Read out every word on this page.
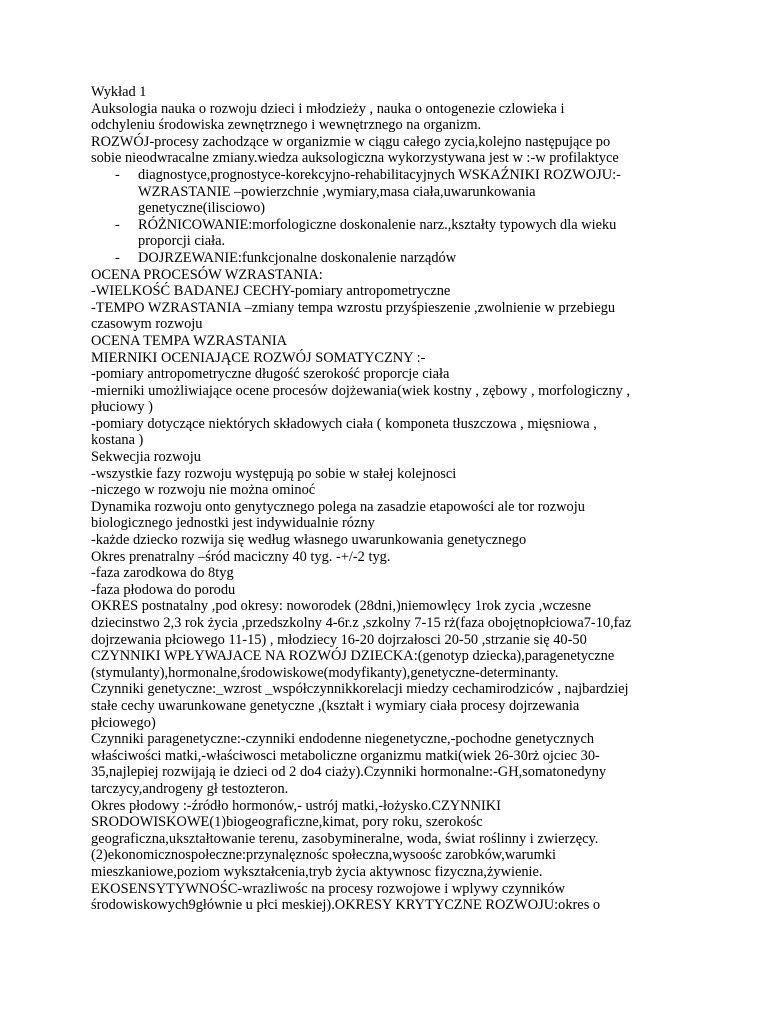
Wykład 1
Auksologia nauka o rozwoju dzieci i młodzieży , nauka o ontogenezie czlowieka i
odchyleniu środowiska zewnętrznego i wewnętrznego na organizm.
ROZWÓJ-procesy zachodzące w organizmie w ciągu całego zycia,kolejno następujące po
sobie nieodwracalne zmiany.wiedza auksologiczna wykorzystywana jest w :-w profilaktyce
- diagnostyce,prognostyce-korekcyjno-rehabilitacyjnych WSKAŹNIKI ROZWOJU:-
WZRASTANIE –powierzchnie ,wymiary,masa ciała,uwarunkowania
genetyczne(ilisciowo)
- RÓŻNICOWANIE:morfologiczne doskonalenie narz.,kształty typowych dla wieku
proporcji ciała.
- DOJRZEWANIE:funkcjonalne doskonalenie narządów
OCENA PROCESÓW WZRASTANIA:
-WIELKOŚĆ BADANEJ CECHY-pomiary antropometryczne
-TEMPO WZRASTANIA –zmiany tempa wzrostu przyśpieszenie ,zwolnienie w przebiegu
czasowym rozwoju
OCENA TEMPA WZRASTANIA
MIERNIKI OCENIAJĄCE ROZWÓJ SOMATYCZNY :-
-pomiary antropometryczne długość szerokość proporcje ciała
-mierniki umożliwiające ocene procesów dojżewania(wiek kostny , zębowy , morfologiczny ,
płuciowy )
-pomiary dotyczące niektórych składowych ciała ( komponeta tłuszczowa , mięsniowa ,
kostana )
Sekwecjia rozwoju
-wszystkie fazy rozwoju występują po sobie w stałej kolejnosci
-niczego w rozwoju nie można ominoć
Dynamika rozwoju onto genytycznego polega na zasadzie etapowości ale tor rozwoju
biologicznego jednostki jest indywidualnie rózny
-każde dziecko rozwija się według własnego uwarunkowania genetycznego
Okres prenatralny –śród maciczny 40 tyg. -+/-2 tyg.
-faza zarodkowa do 8tyg
-faza płodowa do porodu
OKRES postnatalny ,pod okresy: noworodek (28dni,)niemowlęcy 1rok zycia ,wczesne
dziecinstwo 2,3 rok życia ,przedszkolny 4-6r.z ,szkolny 7-15 rż(faza obojętnopłciowa7-10,faz
dojrzewania płciowego 11-15) , młodziecy 16-20 dojrzałosci 20-50 ,strzanie się 40-50
CZYNNIKI WPŁYWAJACE NA ROZWÓJ DZIECKA:(genotyp dziecka),paragenetyczne
(stymulanty),hormonalne,środowiskowe(modyfikanty),genetyczne-determinanty.
Czynniki genetyczne:_wzrost _współczynnikkorelacji miedzy cechamirodziców , najbardziej
stałe cechy uwarunkowane genetyczne ,(kształt i wymiary ciała procesy dojrzewania
płciowego)
Czynniki paragenetyczne:-czynniki endodenne niegenetyczne,-pochodne genetycznych
właściwości matki,-właściwosci metaboliczne organizmu matki(wiek 26-30rż ojciec 30-
35,najlepiej rozwijają ie dzieci od 2 do4 ciaży).Czynniki hormonalne:-GH,somatonedyny
tarczycy,androgeny gł testozteron.
Okres płodowy :-źródło hormonów,- ustrój matki,-łożysko.CZYNNIKI
SRODOWISKOWE(1)biogeograficzne,kimat, pory roku, szerokośc
geograficzna,ukształtowanie terenu, zasobymineralne, woda, świat roślinny i zwierzęcy.
(2)ekonomicznospołeczne:przynalęznośc społeczna,wysoośc zarobków,warumki
mieszkaniowe,poziom wykształcenia,tryb życia aktywnosc fizyczna,żywienie.
EKOSENSYTYWNOŚC-wrazliwośc na procesy rozwojowe i wplywy czynników
środowiskowych9głównie u płci meskiej).OKRESY KRYTYCZNE ROZWOJU:okres o
